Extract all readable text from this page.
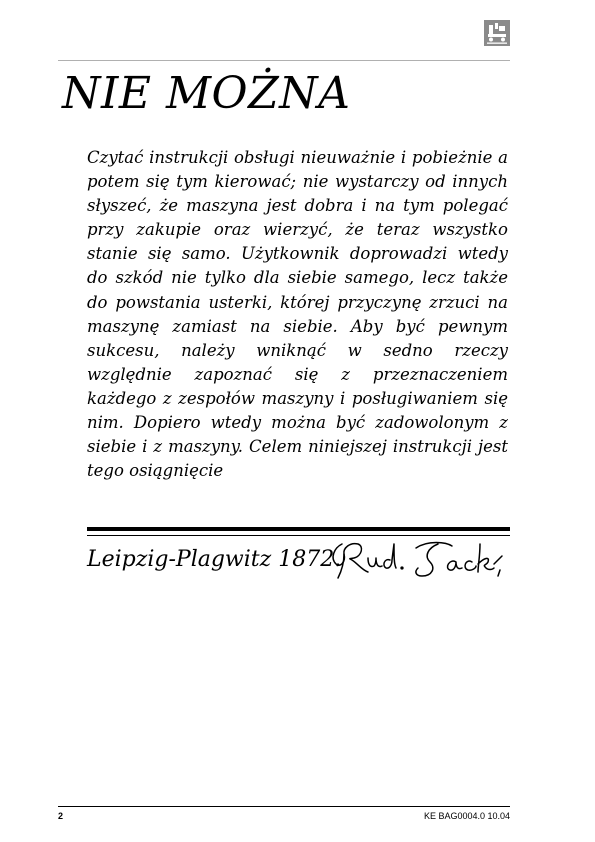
NIE MOŻNA

Czytać instrukcji obsługi nieuważnie i pobieżnie a potem się tym kierować; nie wystarczy od innych słyszeć, że maszyna jest dobra i na tym polegać przy zakupie oraz wierzyć, że teraz wszystko stanie się samo. Użytkownik doprowadzi wtedy do szkód nie tylko dla siebie samego, lecz także do powstania usterki, której przyczynę zrzuci na maszynę zamiast na siebie. Aby być pewnym sukcesu, należy wniknąć w sedno rzeczy względnie zapoznać się z przeznaczeniem każdego z zespołów maszyny i posługiwaniem się nim. Dopiero wtedy można być zadowolonym z siebie i z maszyny. Celem niniejszej instrukcji jest tego osiągnięcie

Leipzig-Plagwitz 1872.
2	KE BAG0004.0 10.04
